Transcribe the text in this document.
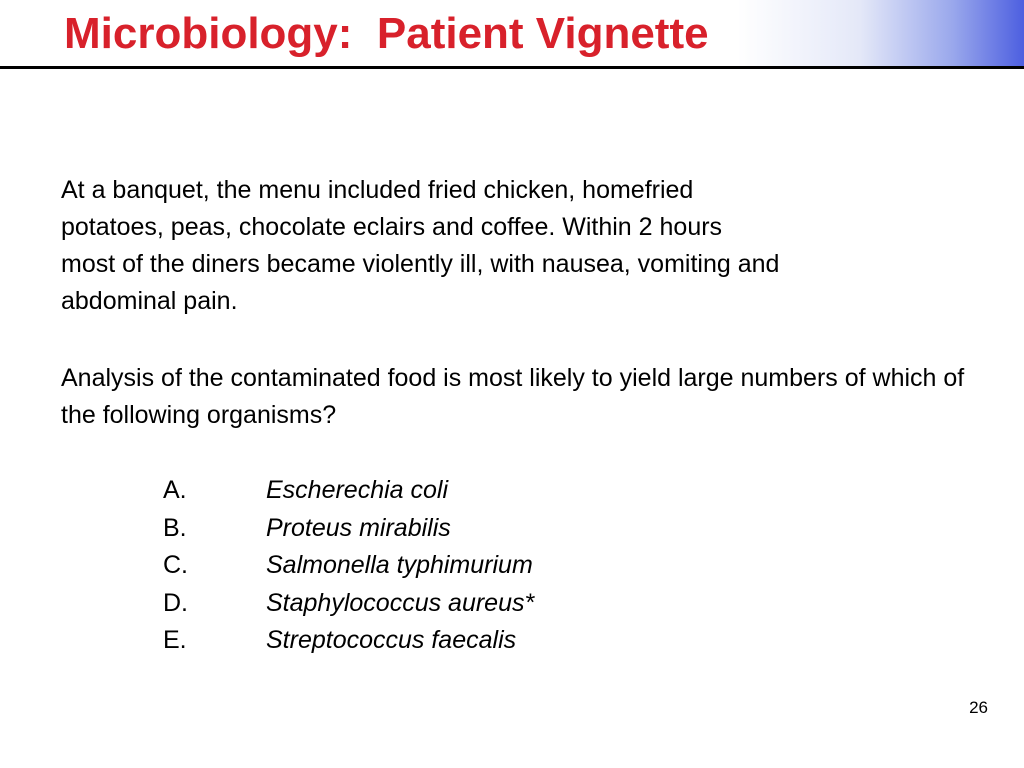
Microbiology:  Patient Vignette

At a banquet, the menu included fried chicken, homefried
potatoes, peas, chocolate eclairs and coffee. Within 2 hours
most of the diners became violently ill, with nausea, vomiting and
abdominal pain.

Analysis of the contaminated food is most likely to yield large numbers of which of the following organisms?

A.	Escherechia coli
B.	Proteus mirabilis
C.	Salmonella typhimurium
D.	Staphylococcus aureus*
E.	Streptococcus faecalis
26
